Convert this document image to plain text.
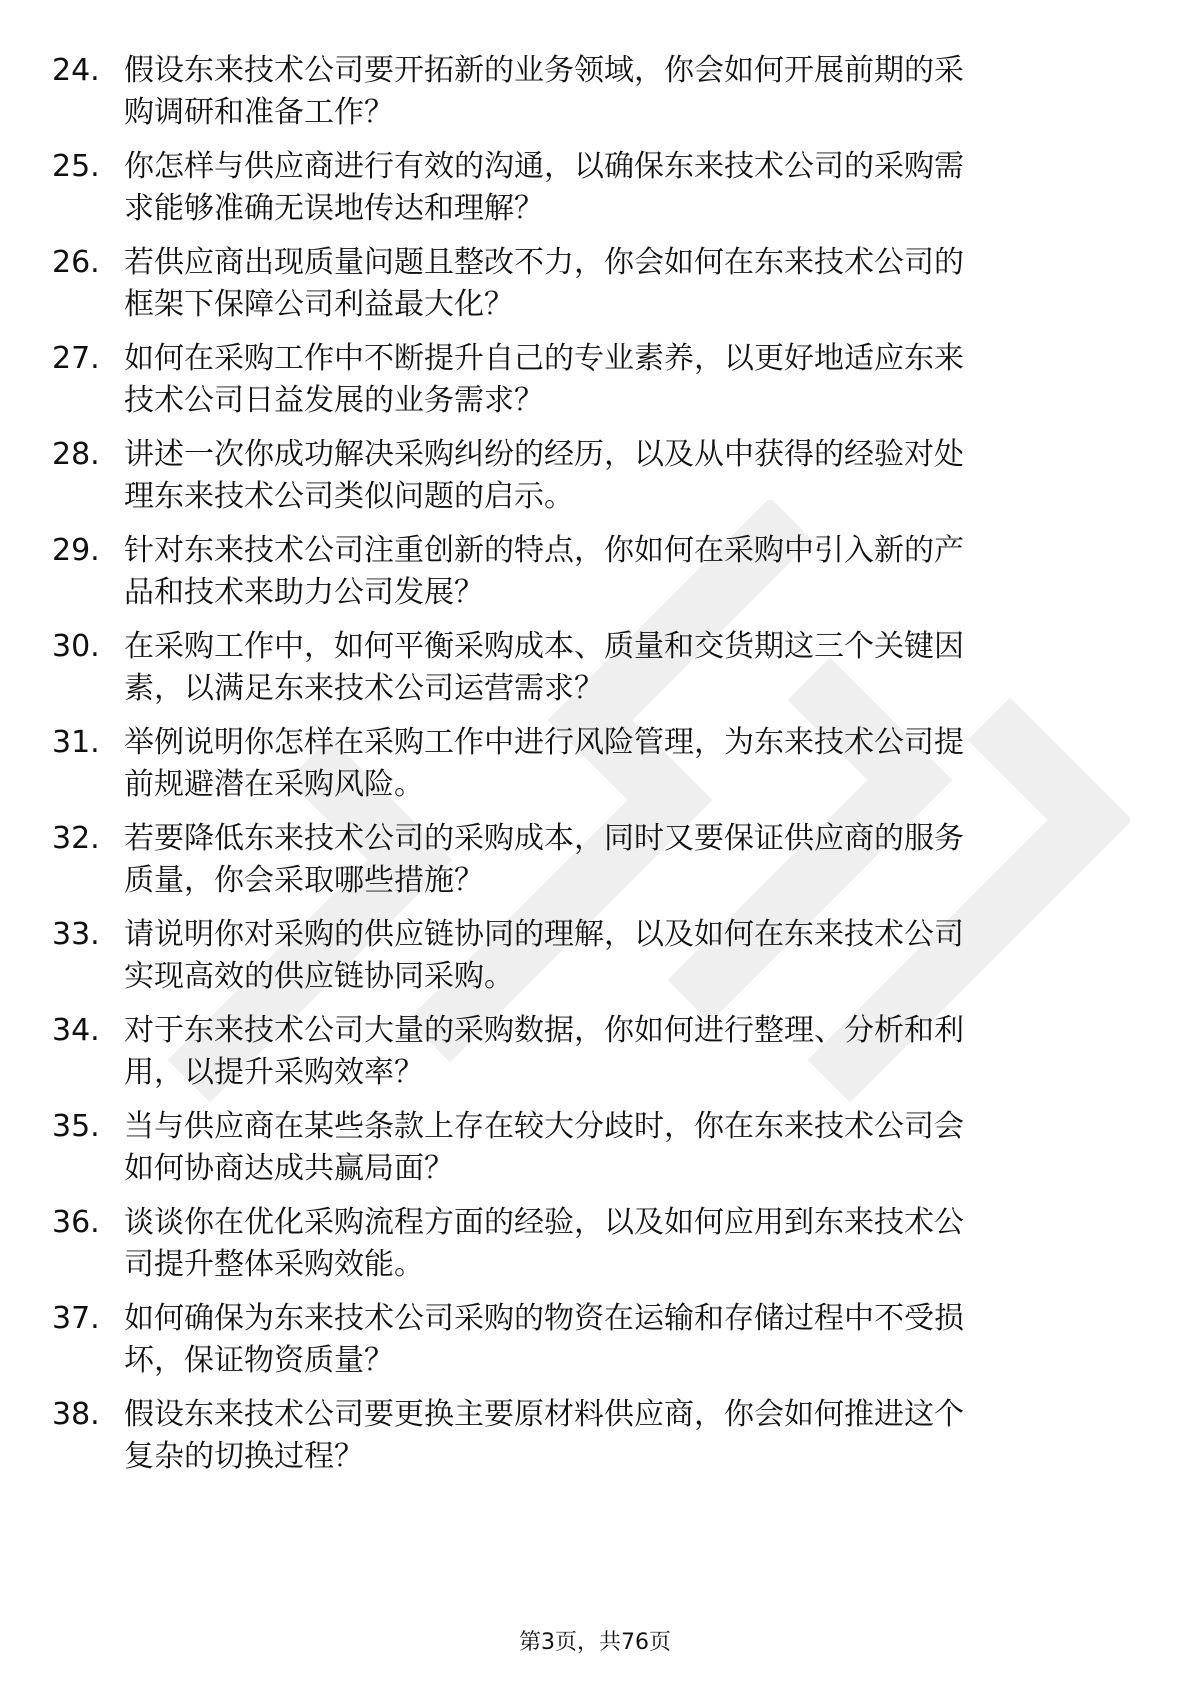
24. 假设东来技术公司要开拓新的业务领域，你会如何开展前期的采
购调研和准备工作？
25. 你怎样与供应商进行有效的沟通，以确保东来技术公司的采购需
求能够准确无误地传达和理解？
26. 若供应商出现质量问题且整改不力，你会如何在东来技术公司的
框架下保障公司利益最大化？
27. 如何在采购工作中不断提升自己的专业素养，以更好地适应东来
技术公司日益发展的业务需求？
28. 讲述一次你成功解决采购纠纷的经历，以及从中获得的经验对处
理东来技术公司类似问题的启示。
29. 针对东来技术公司注重创新的特点，你如何在采购中引入新的产
品和技术来助力公司发展？
30. 在采购工作中，如何平衡采购成本、质量和交货期这三个关键因
素，以满足东来技术公司运营需求？
31. 举例说明你怎样在采购工作中进行风险管理，为东来技术公司提
前规避潜在采购风险。
32. 若要降低东来技术公司的采购成本，同时又要保证供应商的服务
质量，你会采取哪些措施？
33. 请说明你对采购的供应链协同的理解，以及如何在东来技术公司
实现高效的供应链协同采购。
34. 对于东来技术公司大量的采购数据，你如何进行整理、分析和利
用，以提升采购效率？
35. 当与供应商在某些条款上存在较大分歧时，你在东来技术公司会
如何协商达成共赢局面？
36. 谈谈你在优化采购流程方面的经验，以及如何应用到东来技术公
司提升整体采购效能。
37. 如何确保为东来技术公司采购的物资在运输和存储过程中不受损
坏，保证物资质量？
38. 假设东来技术公司要更换主要原材料供应商，你会如何推进这个
复杂的切换过程？
第3页，共76页
